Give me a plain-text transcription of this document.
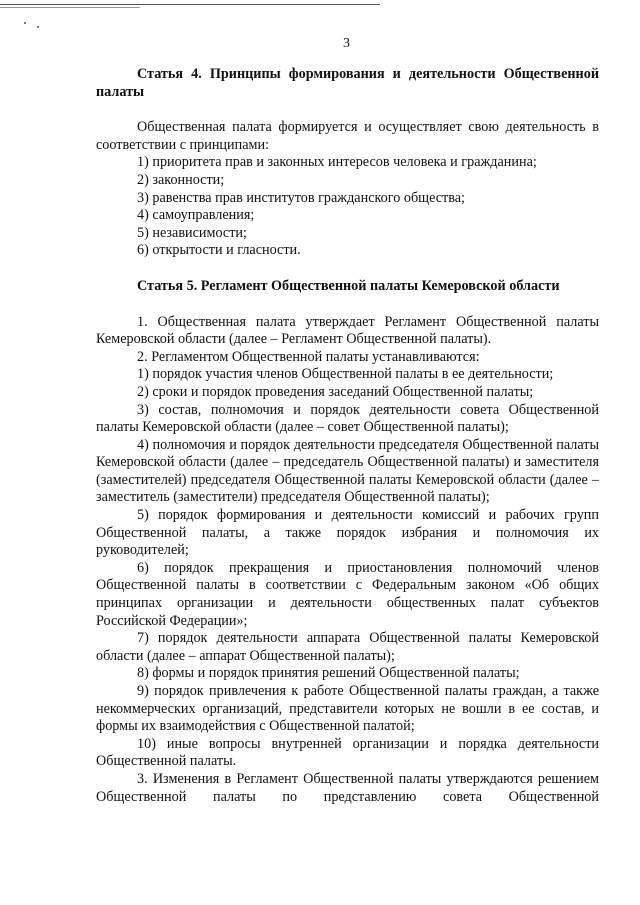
3

Статья 4. Принципы формирования и деятельности Общественной палаты

Общественная палата формируется и осуществляет свою деятельность в соответствии с принципами:

1) приоритета прав и законных интересов человека и гражданина;

2) законности;

3) равенства прав институтов гражданского общества;

4) самоуправления;

5) независимости;

6) открытости и гласности.

Статья 5. Регламент Общественной палаты Кемеровской области

1. Общественная палата утверждает Регламент Общественной палаты Кемеровской области (далее – Регламент Общественной палаты).

2. Регламентом Общественной палаты устанавливаются:

1) порядок участия членов Общественной палаты в ее деятельности;

2) сроки и порядок проведения заседаний Общественной палаты;

3) состав, полномочия и порядок деятельности совета Общественной палаты Кемеровской области (далее – совет Общественной палаты);

4) полномочия и порядок деятельности председателя Общественной палаты Кемеровской области (далее – председатель Общественной палаты) и заместителя (заместителей) председателя Общественной палаты Кемеровской области (далее – заместитель (заместители) председателя Общественной палаты);

5) порядок формирования и деятельности комиссий и рабочих групп Общественной палаты, а также порядок избрания и полномочия их руководителей;

6) порядок прекращения и приостановления полномочий членов Общественной палаты в соответствии с Федеральным законом «Об общих принципах организации и деятельности общественных палат субъектов Российской Федерации»;

7) порядок деятельности аппарата Общественной палаты Кемеровской области (далее – аппарат Общественной палаты);

8) формы и порядок принятия решений Общественной палаты;

9) порядок привлечения к работе Общественной палаты граждан, а также некоммерческих организаций, представители которых не вошли в ее состав, и формы их взаимодействия с Общественной палатой;

10) иные вопросы внутренней организации и порядка деятельности Общественной палаты.

3. Изменения в Регламент Общественной палаты утверждаются решением Общественной палаты по представлению совета Общественной
